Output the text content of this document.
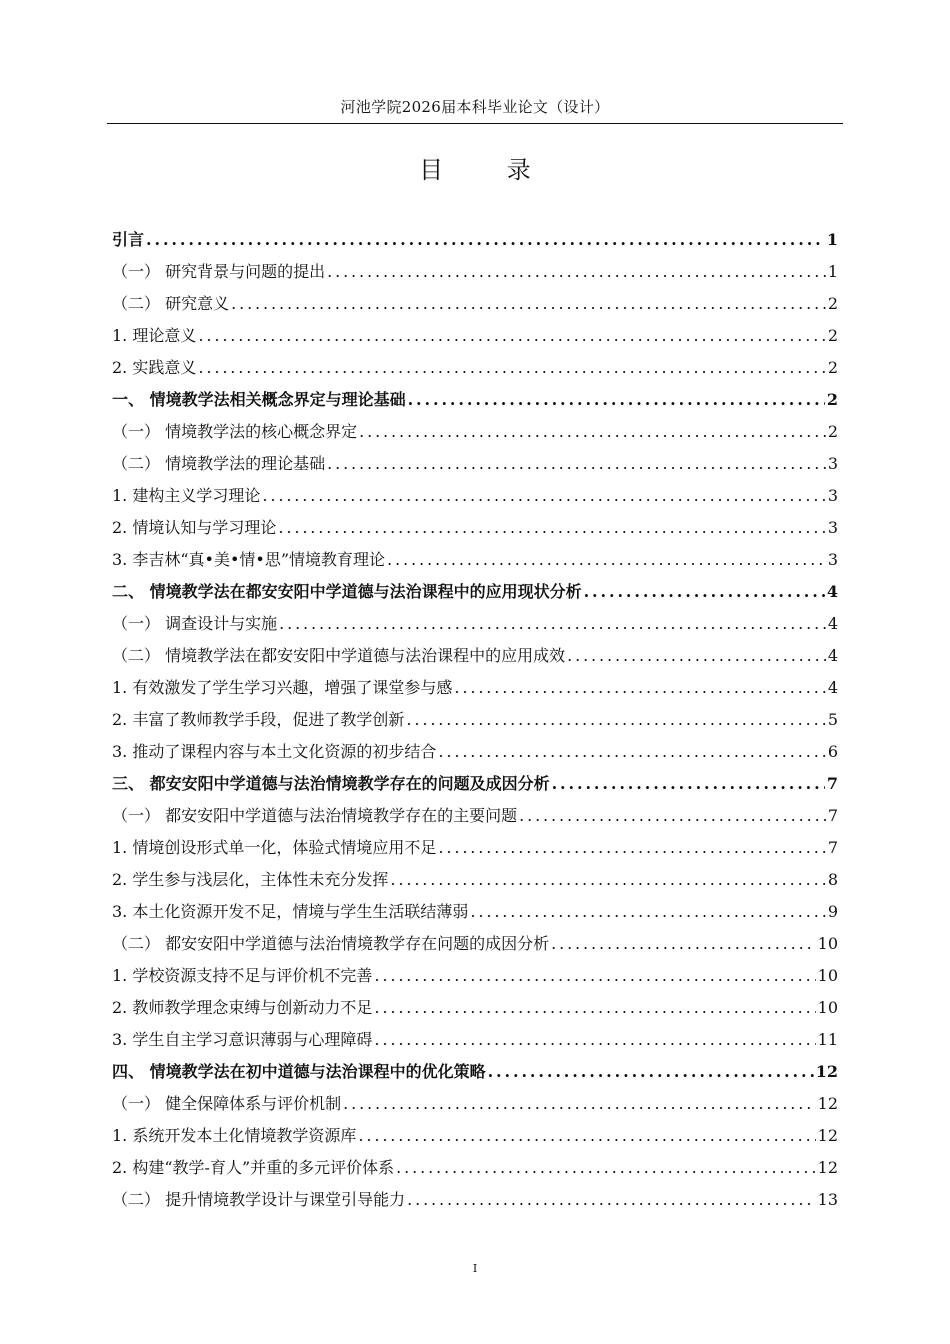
河池学院2026届本科毕业论文（设计）
目 录
引言 .....	1
（一） 研究背景与问题的提出 .....	1
（二） 研究意义 .....	2
1. 理论意义 .....	2
2. 实践意义 .....	2
一、 情境教学法相关概念界定与理论基础 .....	2
（一） 情境教学法的核心概念界定 .....	2
（二） 情境教学法的理论基础 .....	3
1. 建构主义学习理论 .....	3
2. 情境认知与学习理论 .....	3
3. 李吉林“真•美•情•思”情境教育理论 .....	3
二、 情境教学法在都安安阳中学道德与法治课程中的应用现状分析 .....	4
（一） 调查设计与实施 .....	4
（二） 情境教学法在都安安阳中学道德与法治课程中的应用成效 .....	4
1. 有效激发了学生学习兴趣，增强了课堂参与感 .....	4
2. 丰富了教师教学手段，促进了教学创新 .....	5
3. 推动了课程内容与本土文化资源的初步结合 .....	6
三、 都安安阳中学道德与法治情境教学存在的问题及成因分析 .....	7
（一） 都安安阳中学道德与法治情境教学存在的主要问题 .....	7
1. 情境创设形式单一化，体验式情境应用不足 .....	7
2. 学生参与浅层化，主体性未充分发挥 .....	8
3. 本土化资源开发不足，情境与学生生活联结薄弱 .....	9
（二） 都安安阳中学道德与法治情境教学存在问题的成因分析 .....	10
1. 学校资源支持不足与评价机不完善 .....	10
2. 教师教学理念束缚与创新动力不足 .....	10
3. 学生自主学习意识薄弱与心理障碍 .....	11
四、 情境教学法在初中道德与法治课程中的优化策略 .....	12
（一） 健全保障体系与评价机制 .....	12
1. 系统开发本土化情境教学资源库 .....	12
2. 构建“教学-育人”并重的多元评价体系 .....	12
（二） 提升情境教学设计与课堂引导能力 .....	13
I
